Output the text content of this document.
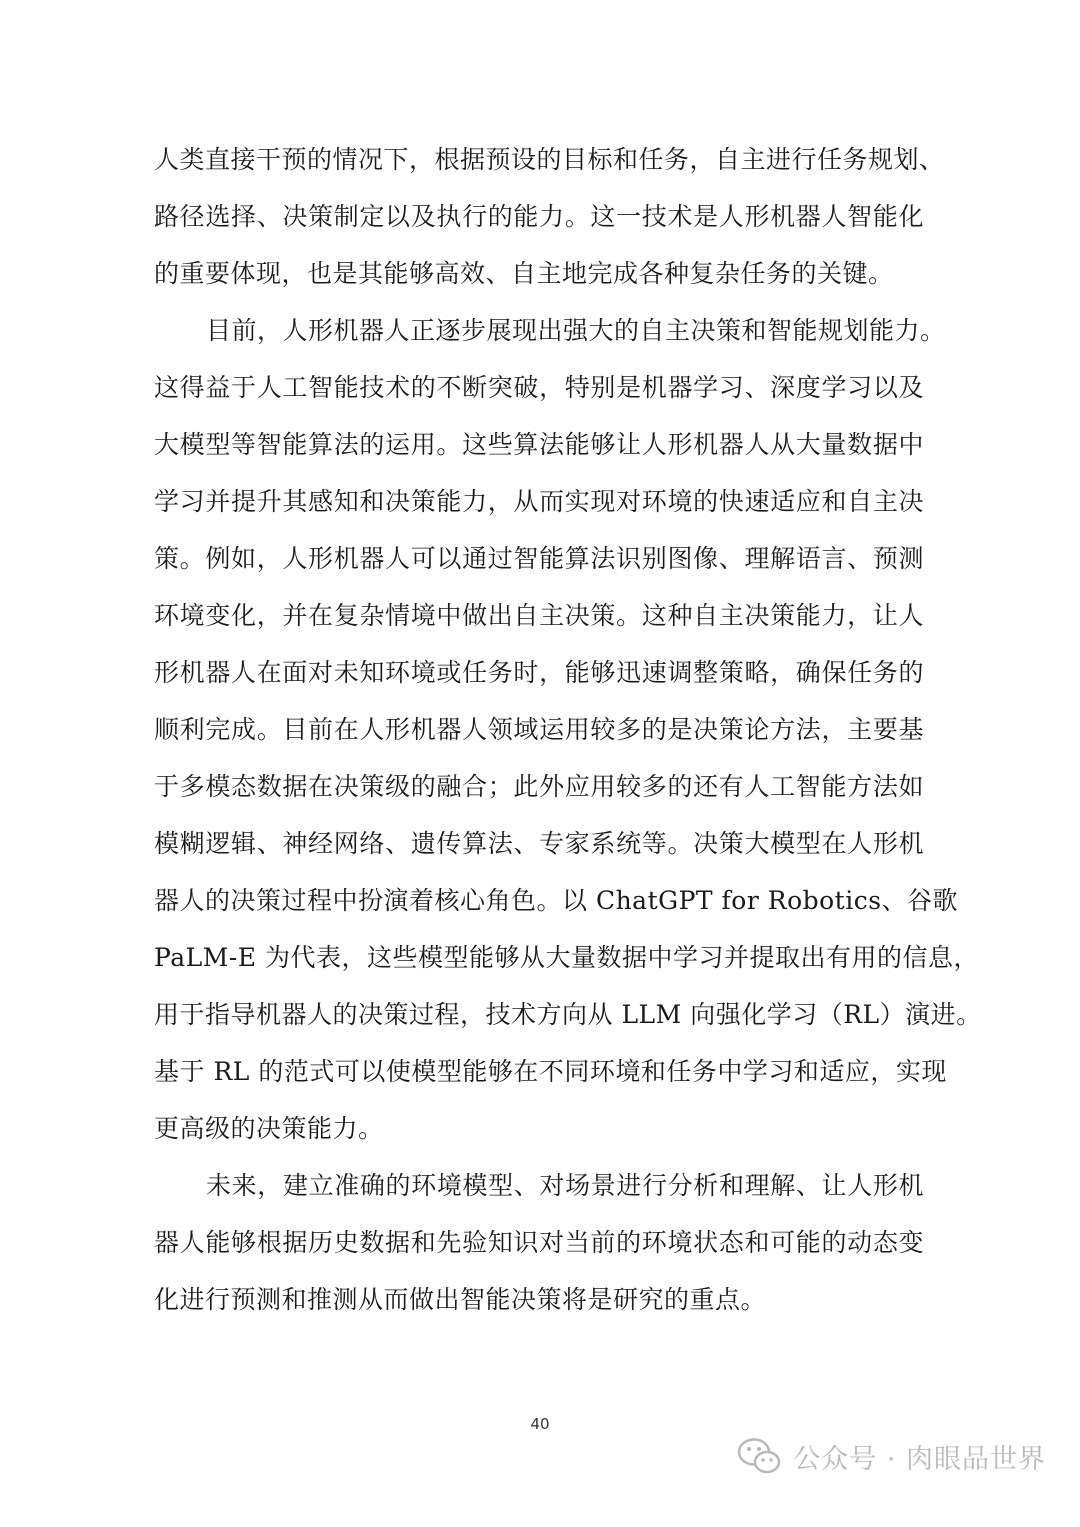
人类直接干预的情况下，根据预设的目标和任务，自主进行任务规划、
路径选择、决策制定以及执行的能力。这一技术是人形机器人智能化
的重要体现，也是其能够高效、自主地完成各种复杂任务的关键。
目前，人形机器人正逐步展现出强大的自主决策和智能规划能力。
这得益于人工智能技术的不断突破，特别是机器学习、深度学习以及
大模型等智能算法的运用。这些算法能够让人形机器人从大量数据中
学习并提升其感知和决策能力，从而实现对环境的快速适应和自主决
策。例如，人形机器人可以通过智能算法识别图像、理解语言、预测
环境变化，并在复杂情境中做出自主决策。这种自主决策能力，让人
形机器人在面对未知环境或任务时，能够迅速调整策略，确保任务的
顺利完成。目前在人形机器人领域运用较多的是决策论方法，主要基
于多模态数据在决策级的融合；此外应用较多的还有人工智能方法如
模糊逻辑、神经网络、遗传算法、专家系统等。决策大模型在人形机
器人的决策过程中扮演着核心角色。以 ChatGPT for Robotics、谷歌
PaLM-E 为代表，这些模型能够从大量数据中学习并提取出有用的信息，
用于指导机器人的决策过程，技术方向从 LLM 向强化学习（RL）演进。
基于 RL 的范式可以使模型能够在不同环境和任务中学习和适应，实现
更高级的决策能力。
未来，建立准确的环境模型、对场景进行分析和理解、让人形机
器人能够根据历史数据和先验知识对当前的环境状态和可能的动态变
化进行预测和推测从而做出智能决策将是研究的重点。
40
公众号 · 肉眼品世界
